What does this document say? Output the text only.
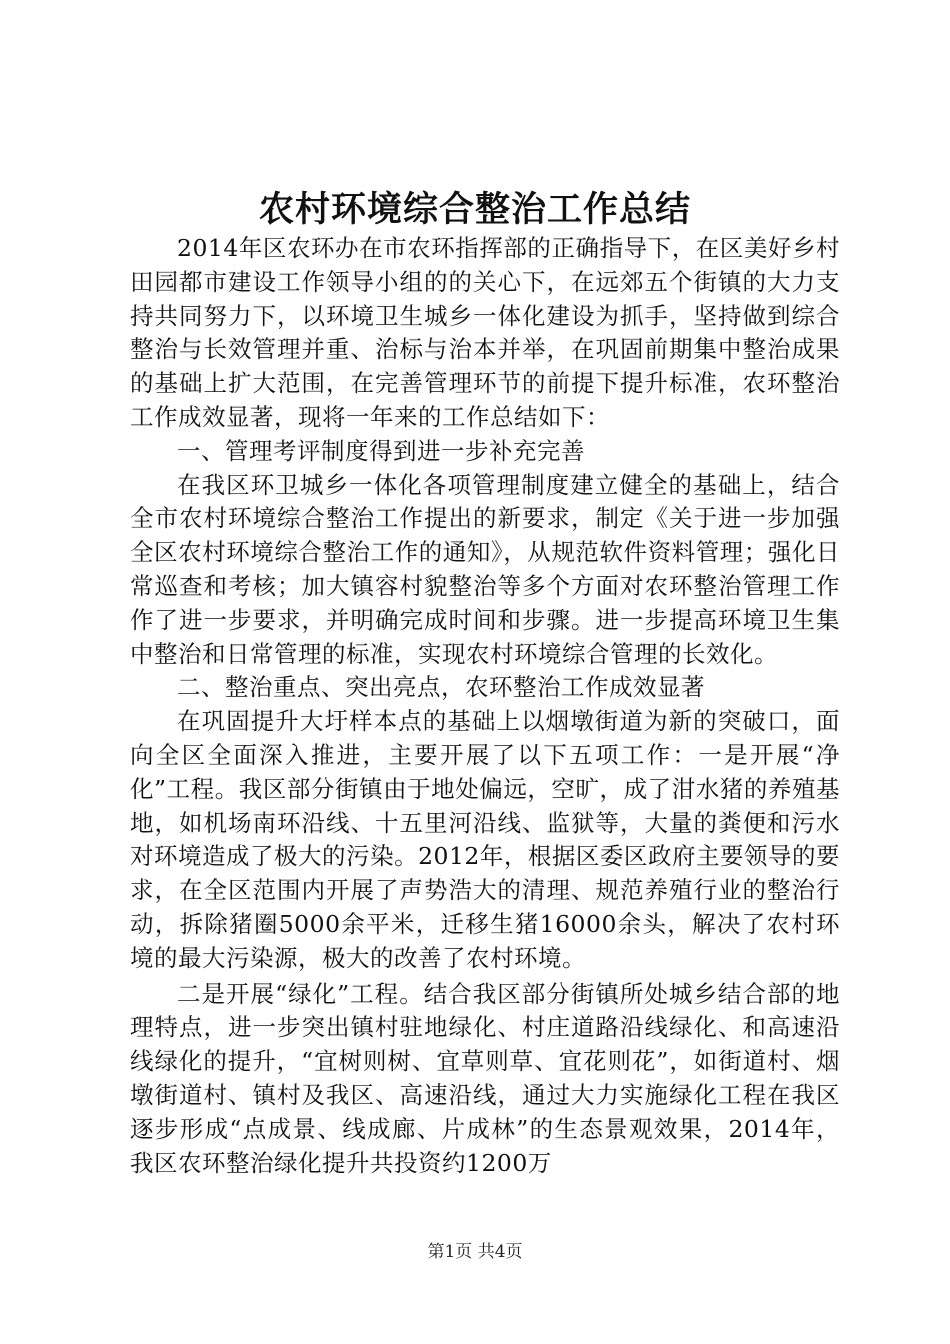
农村环境综合整治工作总结

2014年区农环办在市农环指挥部的正确指导下，在区美好乡村田园都市建设工作领导小组的的关心下，在远郊五个街镇的大力支持共同努力下，以环境卫生城乡一体化建设为抓手，坚持做到综合整治与长效管理并重、治标与治本并举，在巩固前期集中整治成果的基础上扩大范围，在完善管理环节的前提下提升标准，农环整治工作成效显著，现将一年来的工作总结如下：

一、管理考评制度得到进一步补充完善

在我区环卫城乡一体化各项管理制度建立健全的基础上，结合全市农村环境综合整治工作提出的新要求，制定《关于进一步加强全区农村环境综合整治工作的通知》，从规范软件资料管理；强化日常巡查和考核；加大镇容村貌整治等多个方面对农环整治管理工作作了进一步要求，并明确完成时间和步骤。进一步提高环境卫生集中整治和日常管理的标准，实现农村环境综合管理的长效化。

二、整治重点、突出亮点，农环整治工作成效显著

在巩固提升大圩样本点的基础上以烟墩街道为新的突破口，面向全区全面深入推进，主要开展了以下五项工作：一是开展“净化”工程。我区部分街镇由于地处偏远，空旷，成了泔水猪的养殖基地，如机场南环沿线、十五里河沿线、监狱等，大量的粪便和污水对环境造成了极大的污染。2012年，根据区委区政府主要领导的要求，在全区范围内开展了声势浩大的清理、规范养殖行业的整治行动，拆除猪圈5000余平米，迁移生猪16000余头，解决了农村环境的最大污染源，极大的改善了农村环境。

二是开展“绿化”工程。结合我区部分街镇所处城乡结合部的地理特点，进一步突出镇村驻地绿化、村庄道路沿线绿化、和高速沿线绿化的提升，“宜树则树、宜草则草、宜花则花”，如街道村、烟墩街道村、镇村及我区、高速沿线，通过大力实施绿化工程在我区逐步形成“点成景、线成廊、片成林”的生态景观效果，2014年，我区农环整治绿化提升共投资约1200万

第1页 共4页
